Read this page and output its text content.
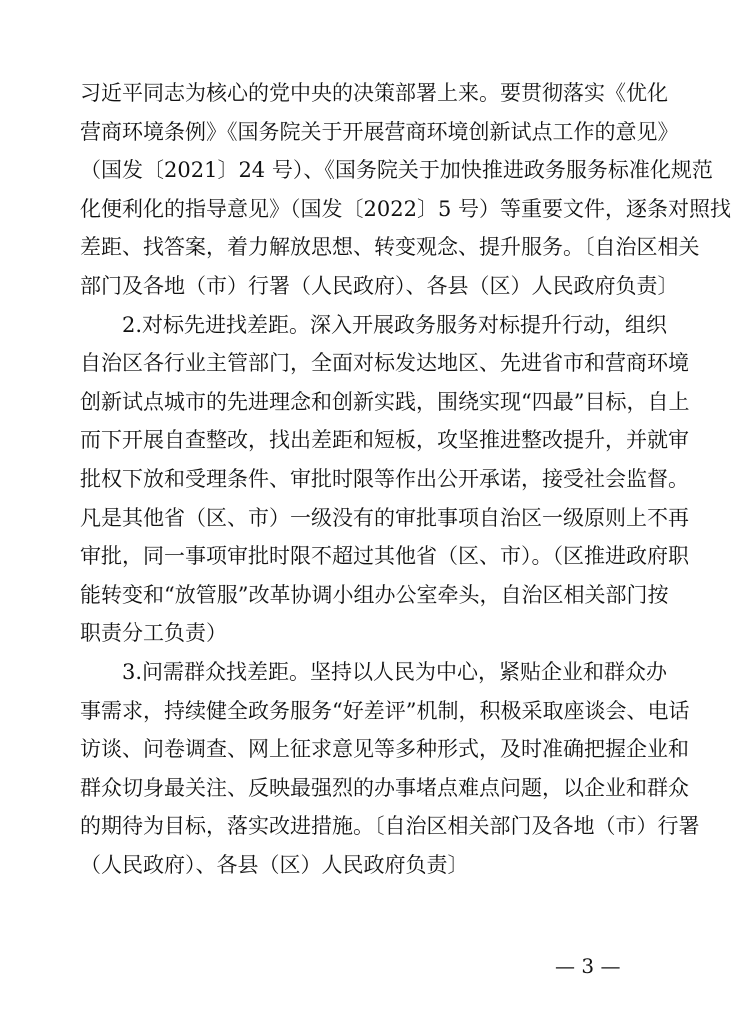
习近平同志为核心的党中央的决策部署上来。要贯彻落实《优化
营商环境条例》《国务院关于开展营商环境创新试点工作的意见》
（国发〔2021〕24 号）、《国务院关于加快推进政务服务标准化规范
化便利化的指导意见》（国发〔2022〕5 号）等重要文件，逐条对照找
差距、找答案，着力解放思想、转变观念、提升服务。〔自治区相关
部门及各地（市）行署（人民政府）、各县（区）人民政府负责〕
2.对标先进找差距。深入开展政务服务对标提升行动，组织
自治区各行业主管部门，全面对标发达地区、先进省市和营商环境
创新试点城市的先进理念和创新实践，围绕实现“四最”目标，自上
而下开展自查整改，找出差距和短板，攻坚推进整改提升，并就审
批权下放和受理条件、审批时限等作出公开承诺，接受社会监督。
凡是其他省（区、市）一级没有的审批事项自治区一级原则上不再
审批，同一事项审批时限不超过其他省（区、市）。（区推进政府职
能转变和“放管服”改革协调小组办公室牵头，自治区相关部门按
职责分工负责）
3.问需群众找差距。坚持以人民为中心，紧贴企业和群众办
事需求，持续健全政务服务“好差评”机制，积极采取座谈会、电话
访谈、问卷调查、网上征求意见等多种形式，及时准确把握企业和
群众切身最关注、反映最强烈的办事堵点难点问题，以企业和群众
的期待为目标，落实改进措施。〔自治区相关部门及各地（市）行署
（人民政府）、各县（区）人民政府负责〕
— 3 —
